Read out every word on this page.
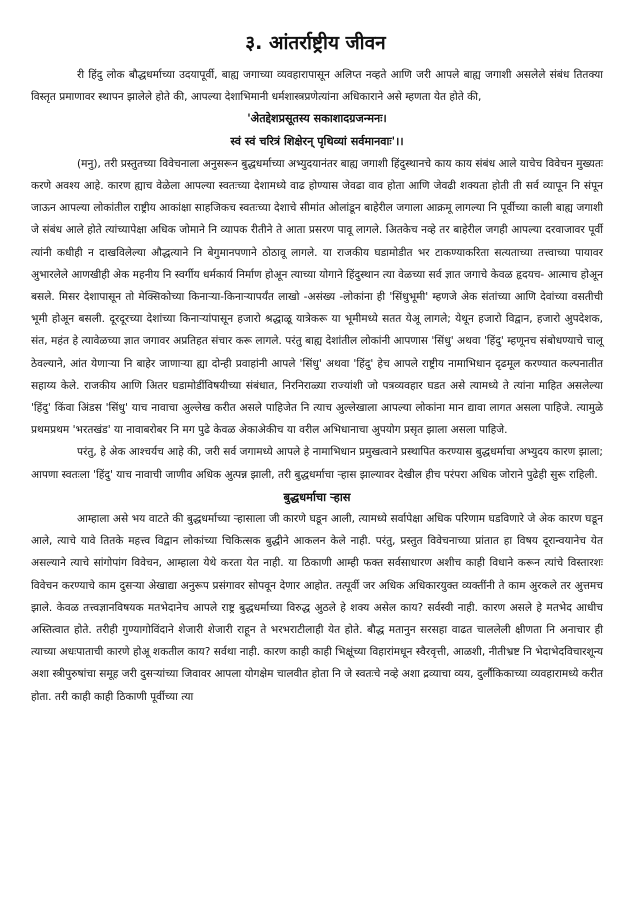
३. आंतर्राष्ट्रीय जीवन

री हिंदु लोक बौद्धधर्माच्या उदयापूर्वी, बाह्य जगाच्या व्यवहारापासून अलिप्त नव्हते आणि जरी आपले बाह्य जगाशी असलेले संबंध तितक्या विस्तृत प्रमाणावर स्थापन झालेले होते की, आपल्या देशाभिमानी धर्मशास्त्रप्रणेत्यांना अधिकाराने असे म्हणता येत होते की,

'अेतद्देशप्रसूतस्य सकाशादग्रजन्मनः।

स्वं स्वं चरित्रं शिक्षेरन् पृथिव्यां सर्वमानवाः'।।

(मनु), तरी प्रस्तुतच्या विवेचनाला अनुसरून बुद्धधर्माच्या अभ्युदयानंतर बाह्य जगाशी हिंदुस्थानचे काय काय संबंध आले याचेच विवेचन मुख्यतः करणे अवश्य आहे. कारण ह्याच वेळेला आपल्या स्वतःच्या देशामध्ये वाढ होण्यास जेवढा वाव होता आणि जेवढी शक्यता होती ती सर्व व्यापून नि संपून जाऊन आपल्या लोकांतील राष्ट्रीय आकांक्षा साहजिकच स्वतःच्या देशाचे सीमांत ओलांडून बाहेरील जगाला आक्रमू लागल्या नि पूर्वीच्या काली बाह्य जगाशी जे संबंध आले होते त्यांच्यापेक्षा अधिक जोमाने नि व्यापक रीतीने ते आता प्रसरण पावू लागले. अितकेच नव्हे तर बाहेरील जगही आपल्या दरवाजावर पूर्वी त्यांनी कधीही न दाखविलेल्या औद्धत्याने नि बेगुमानपणाने ठोठावू लागले. या राजकीय घडामोडीत भर टाकण्याकरिता सत्यताच्या तत्त्वाच्या पायावर अुभारलेले आणखीही अेक महनीय नि स्वर्गीय धर्मकार्य निर्माण होअून त्याच्या योगाने हिंदुस्थान त्या वेळच्या सर्व ज्ञात जगाचे केवळ हृदयच- आत्माच होअून बसले. मिसर देशापासून तो मेक्सिकोच्या किनाऱ्या-किनाऱ्यापर्यंत लाखो -असंख्य -लोकांना ही 'सिंधुभूमी' म्हणजे अेक संतांच्या आणि देवांच्या वसतीची भूमी होअून बसली. दूरदूरच्या देशांच्या किनाऱ्यांपासून हजारो श्रद्धाळू यात्रेकरू या भूमीमध्ये सतत येअू लागले; येथून हजारो विद्वान, हजारो अुपदेशक, संत, महंत हे त्यावेळच्या ज्ञात जगावर अप्रतिहत संचार करू लागले. परंतु बाह्य देशांतील लोकांनी आपणास 'सिंधु' अथवा 'हिंदु' म्हणूनच संबोधण्याचे चालू ठेवल्याने, आंत येणाऱ्या नि बाहेर जाणाऱ्या ह्या दोन्ही प्रवाहांनी आपले 'सिंधु' अथवा 'हिंदु' हेच आपले राष्ट्रीय नामाभिधान दृढमूल करण्यात कल्पनातीत सहाय्य केले. राजकीय आणि अितर घडामोडींविषयीच्या संबंधात, निरनिराळ्या राज्यांशी जो पत्रव्यवहार घडत असे त्यामध्ये ते त्यांना माहित असलेल्या 'हिंदु' किंवा अिंडस 'सिंधु' याच नावाचा अुल्लेख करीत असले पाहिजेत नि त्याच अुल्लेखाला आपल्या लोकांना मान द्यावा लागत असला पाहिजे. त्यामुळे प्रथमप्रथम 'भरतखंड' या नावाबरोबर नि मग पुढे केवळ अेकाअेकीच या वरील अभिधानाचा अुपयोग प्रसृत झाला असला पाहिजे.

परंतु, हे अेक आश्चर्यच आहे की, जरी सर्व जगामध्ये आपले हे नामाभिधान प्रमुखत्वाने प्रस्थापित करण्यास बुद्धधर्माचा अभ्युदय कारण झाला; आपणा स्वतःला 'हिंदु' याच नावाची जाणीव अधिक अुत्पन्न झाली, तरी बुद्धधर्माचा ऱ्हास झाल्यावर देखील हीच परंपरा अधिक जोराने पुढेही सुरू राहिली.

बुद्धधर्माचा ऱ्हास

आम्हाला असे भय वाटते की बुद्धधर्माच्या ऱ्हासाला जी कारणे घडून आली, त्यामध्ये सर्वापेक्षा अधिक परिणाम घडविणारे जे अेक कारण घडून आले, त्याचे यावे तितके महत्त्व विद्वान लोकांच्या चिकित्सक बुद्धीने आकलन केले नाही. परंतु, प्रस्तुत विवेचनाच्या प्रांतात हा विषय दूरान्वयानेच येत असल्याने त्याचे सांगोपांग विवेचन, आम्हाला येथे करता येत नाही. या ठिकाणी आम्ही फक्त सर्वसाधारण अशीच काही विधाने करून त्यांचे विस्तारशः विवेचन करण्याचे काम दुसऱ्या अेखाद्या अनुरूप प्रसंगावर सोपवून देणार आहोत. तत्पूर्वी जर अधिक अधिकारयुक्त व्यक्तींनी ते काम अुरकले तर अुत्तमच झाले. केवळ तत्त्वज्ञानविषयक मतभेदानेच आपले राष्ट्र बुद्धधर्माच्या विरुद्ध अुठले हे शक्य असेल काय? सर्वस्वी नाही. कारण असले हे मतभेद आधीच अस्तित्वात होते. तरीही गुण्यागोविंदाने शेजारी शेजारी राहून ते भरभराटीलाही येत होते. बौद्ध मतानुन सरसहा वाढत चाललेली क्षीणता नि अनाचार ही त्याच्या अधःपाताची कारणे होअू शकतील काय? सर्वथा नाही. कारण काही काही भिक्षूंच्या विहारांमधून स्वैरवृत्ती, आळशी, नीतीभ्रष्ट नि भेदाभेदविचारशून्य अशा स्त्रीपुरुषांचा समूह जरी दुसऱ्यांच्या जिवावर आपला योगक्षेम चालवीत होता नि जे स्वतःचे नव्हे अशा द्रव्याचा व्यय, दुर्लौकिकाच्या व्यवहारामध्ये करीत होता. तरी काही काही ठिकाणी पूर्वीच्या त्या
